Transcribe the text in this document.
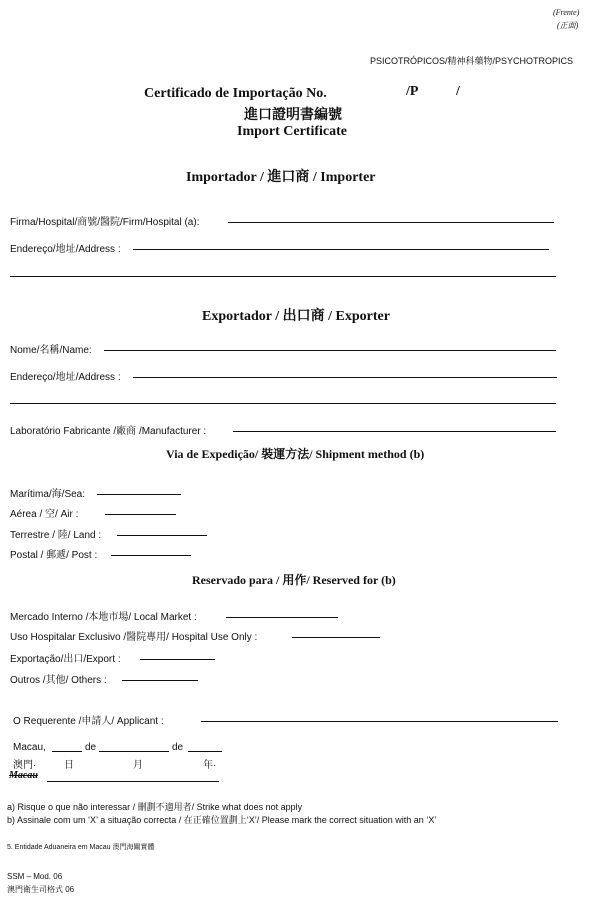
(Frente)
(正面)
PSICOTRÓPICOS/精神科藥物/PSYCHOTROPICS
Certificado de Importação No.	/P	/
進口證明書編號
Import Certificate
Importador / 進口商 / Importer
Firma/Hospital/商號/醫院/Firm/Hospital (a):
Endereço/地址/Address :
Exportador / 出口商 / Exporter
Nome/名稱/Name:
Endereço/地址/Address :
Laboratório Fabricante /廠商 /Manufacturer :
Via de Expedição/ 裝運方法/ Shipment method (b)
Marítima/海/Sea:
Aérea / 空/ Air :
Terrestre / 陸/ Land :
Postal / 郵遞/ Post :
Reservado para / 用作/ Reserved for (b)
Mercado Interno /本地市場/ Local Market :
Uso Hospitalar Exclusivo /醫院專用/ Hospital Use Only :
Exportação/出口/Export :
Outros /其他/ Others :
O Requerente /申請人/ Applicant :
Macau,	de	de
澳門·	日	月	年·
Macau
a) Risque o que não interessar / 刪劃不適用者/ Strike what does not apply
b) Assinale com um ‘X’ a situação correcta / 在正確位置劃上‘X’/ Please mark the correct situation with an ‘X’
5. Entidade Aduaneira em Macau 澳門海關實體
SSM – Mod. 06
澳門衛生司格式 06
